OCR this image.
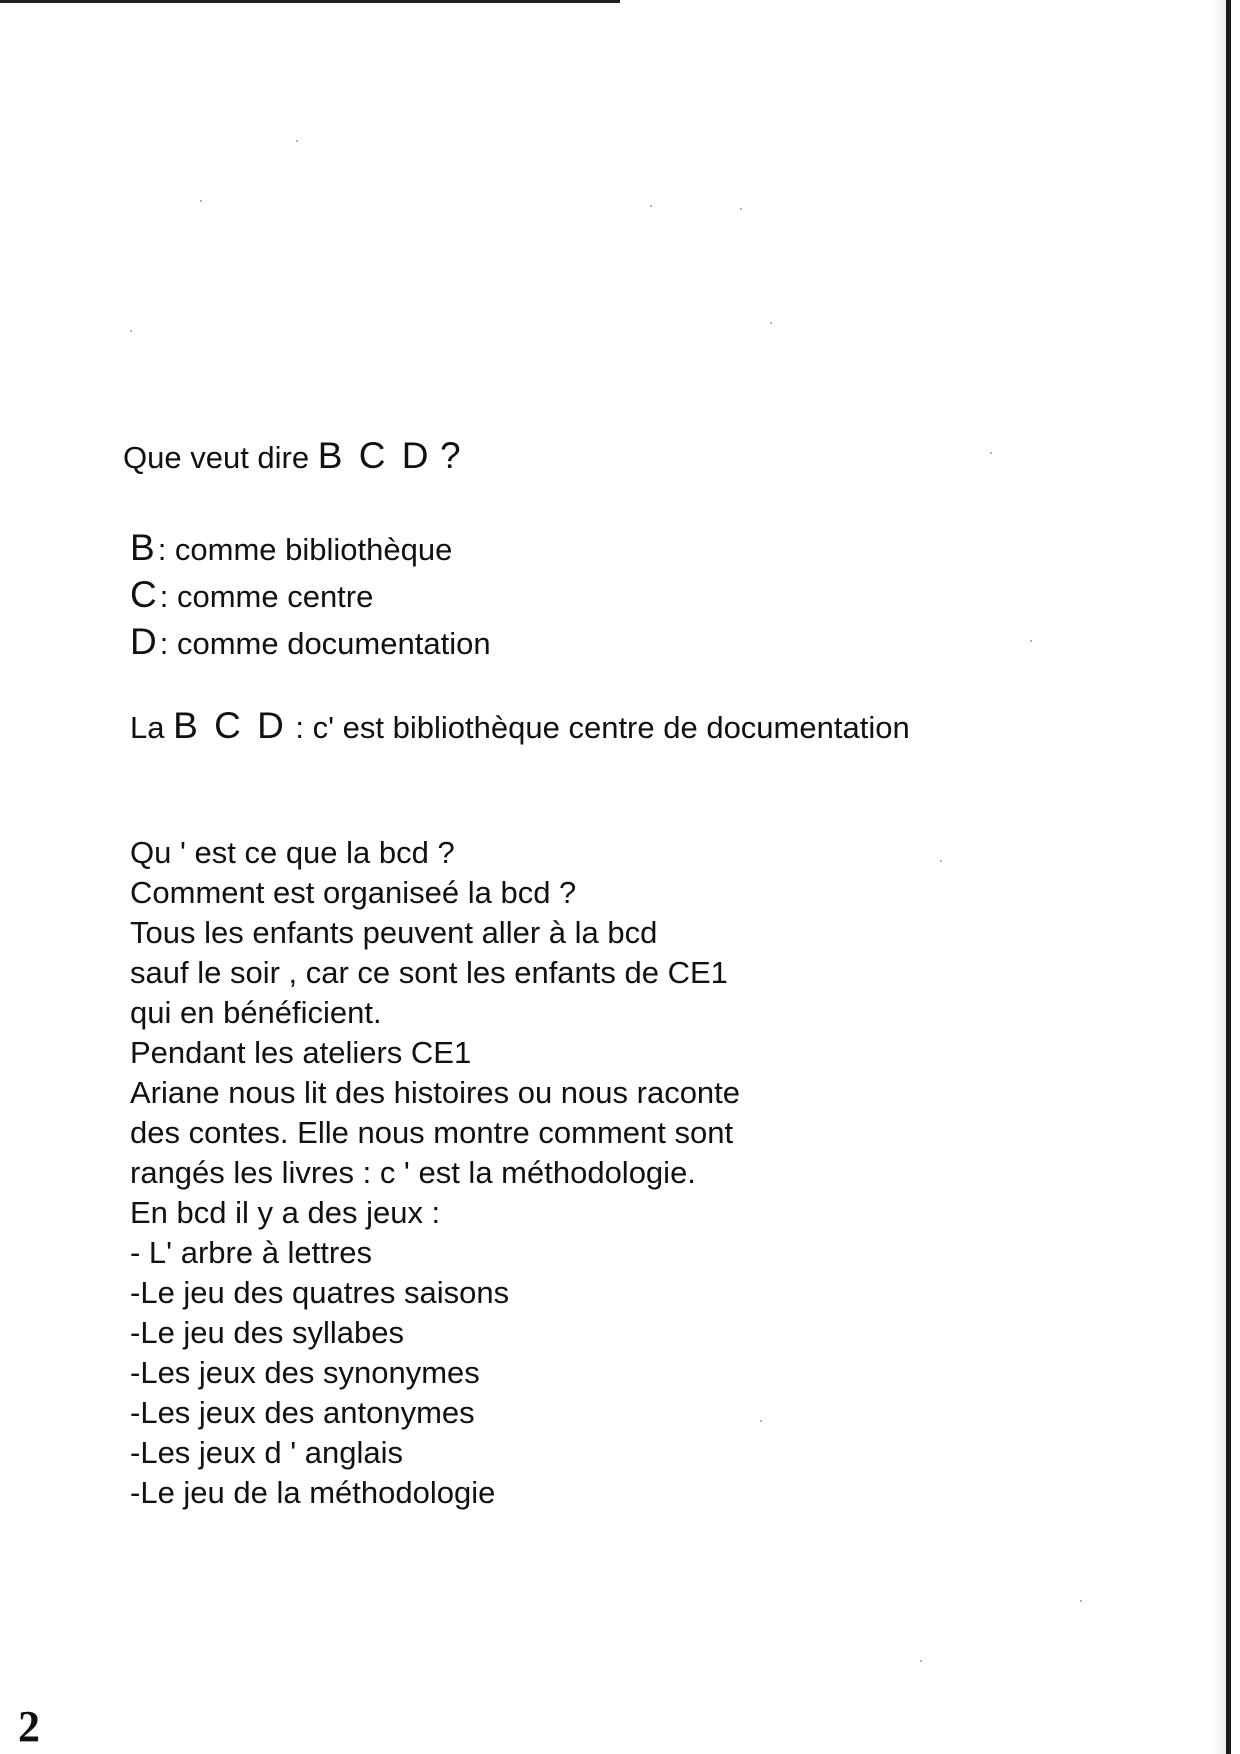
Que veut dire B C D ?
B: comme bibliothèque
C: comme centre
D: comme documentation
La B C D : c' est bibliothèque centre de documentation
Qu ' est ce que la bcd ?
Comment est organiseé la bcd ?
Tous les enfants peuvent aller à la bcd
sauf le soir , car ce sont les enfants de CE1
qui en bénéficient.
Pendant les ateliers CE1
Ariane nous lit des histoires ou nous raconte
des contes. Elle nous montre comment sont
rangés les livres : c ' est la méthodologie.
En bcd il y a des jeux :
- L' arbre à lettres
-Le jeu des quatres saisons
-Le jeu des syllabes
-Les jeux des synonymes
-Les jeux des antonymes
-Les jeux d ' anglais
-Le jeu de la méthodologie
2
